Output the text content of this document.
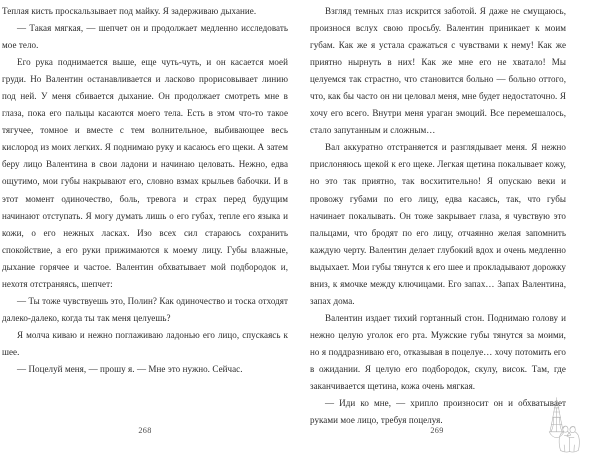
Теплая кисть проскальзывает под майку. Я задерживаю дыхание.

— Такая мягкая, — шепчет он и продолжает медленно исследовать мое тело.

Его рука поднимается выше, еще чуть-чуть, и он касается моей груди. Но Валентин останавливается и ласково прорисовывает линию под ней. У меня сбивается дыхание. Он продолжает смотреть мне в глаза, пока его пальцы касаются моего тела. Есть в этом что-то такое тягучее, томное и вместе с тем волнительное, выбивающее весь кислород из моих легких. Я поднимаю руку и касаюсь его щеки. А затем беру лицо Валентина в свои ладони и начинаю целовать. Нежно, едва ощутимо, мои губы накрывают его, словно взмах крыльев бабочки. И в этот момент одиночество, боль, тревога и страх перед будущим начинают отступать. Я могу думать лишь о его губах, тепле его языка и кожи, о его нежных ласках. Изо всех сил стараюсь сохранить спокойствие, а его руки прижимаются к моему лицу. Губы влажные, дыхание горячее и частое. Валентин обхватывает мой подбородок и, нехотя отстраняясь, шепчет:

— Ты тоже чувствуешь это, Полин? Как одиночество и тоска отходят далеко-далеко, когда ты так меня целуешь?

Я молча киваю и нежно поглаживаю ладонью его лицо, спускаясь к шее.

— Поцелуй меня, — прошу я. — Мне это нужно. Сейчас.

268

Взгляд темных глаз искрится заботой. Я даже не смущаюсь, произнося вслух свою просьбу. Валентин приникает к моим губам. Как же я устала сражаться с чувствами к нему! Как же приятно нырнуть в них! Как же мне его не хватало! Мы целуемся так страстно, что становится больно — больно оттого, что, как бы часто он ни целовал меня, мне будет недостаточно. Я хочу его всего. Внутри меня ураган эмоций. Все перемешалось, стало запутанным и сложным…

Вал аккуратно отстраняется и разглядывает меня. Я нежно прислоняюсь щекой к его щеке. Легкая щетина покалывает кожу, но это так приятно, так восхитительно! Я опускаю веки и провожу губами по его лицу, едва касаясь, так, что губы начинает покалывать. Он тоже закрывает глаза, я чувствую это пальцами, что бродят по его лицу, отчаянно желая запомнить каждую черту. Валентин делает глубокий вдох и очень медленно выдыхает. Мои губы тянутся к его шее и прокладывают дорожку вниз, к ямочке между ключицами. Его запах… Запах Валентина, запах дома.

Валентин издает тихий гортанный стон. Поднимаю голову и нежно целую уголок его рта. Мужские губы тянутся за моими, но я поддразниваю его, отказывая в поцелуе… хочу потомить его в ожидании. Я целую его подбородок, скулу, висок. Там, где заканчивается щетина, кожа очень мягкая.

— Иди ко мне, — хрипло произносит он и обхватывает руками мое лицо, требуя поцелуя.

269
